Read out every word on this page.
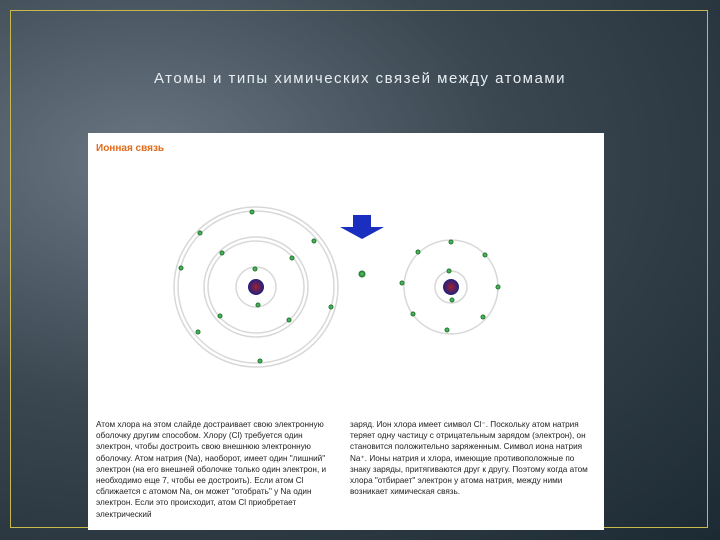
Атомы и типы химических связей между атомами
Ионная связь
Атом хлора на этом слайде достраивает свою электронную оболочку другим способом. Хлору (Cl) требуется один электрон, чтобы достроить свою внешнюю электронную оболочку. Атом натрия (Na), наоборот, имеет один "лишний" электрон (на его внешней оболочке только один электрон, и необходимо еще 7, чтобы ее достроить). Если атом Cl сближается с атомом Na, он может "отобрать" у Na один электрон. Если это происходит, атом Cl приобретает электрический
заряд. Ион хлора имеет символ Cl⁻. Поскольку атом натрия теряет одну частицу с отрицательным зарядом (электрон), он становится положительно заряженным. Символ иона натрия Na⁺. Ионы натрия и хлора, имеющие противоположные по знаку заряды, притягиваются друг к другу. Поэтому когда атом хлора "отбирает" электрон у атома натрия, между ними возникает химическая связь.
